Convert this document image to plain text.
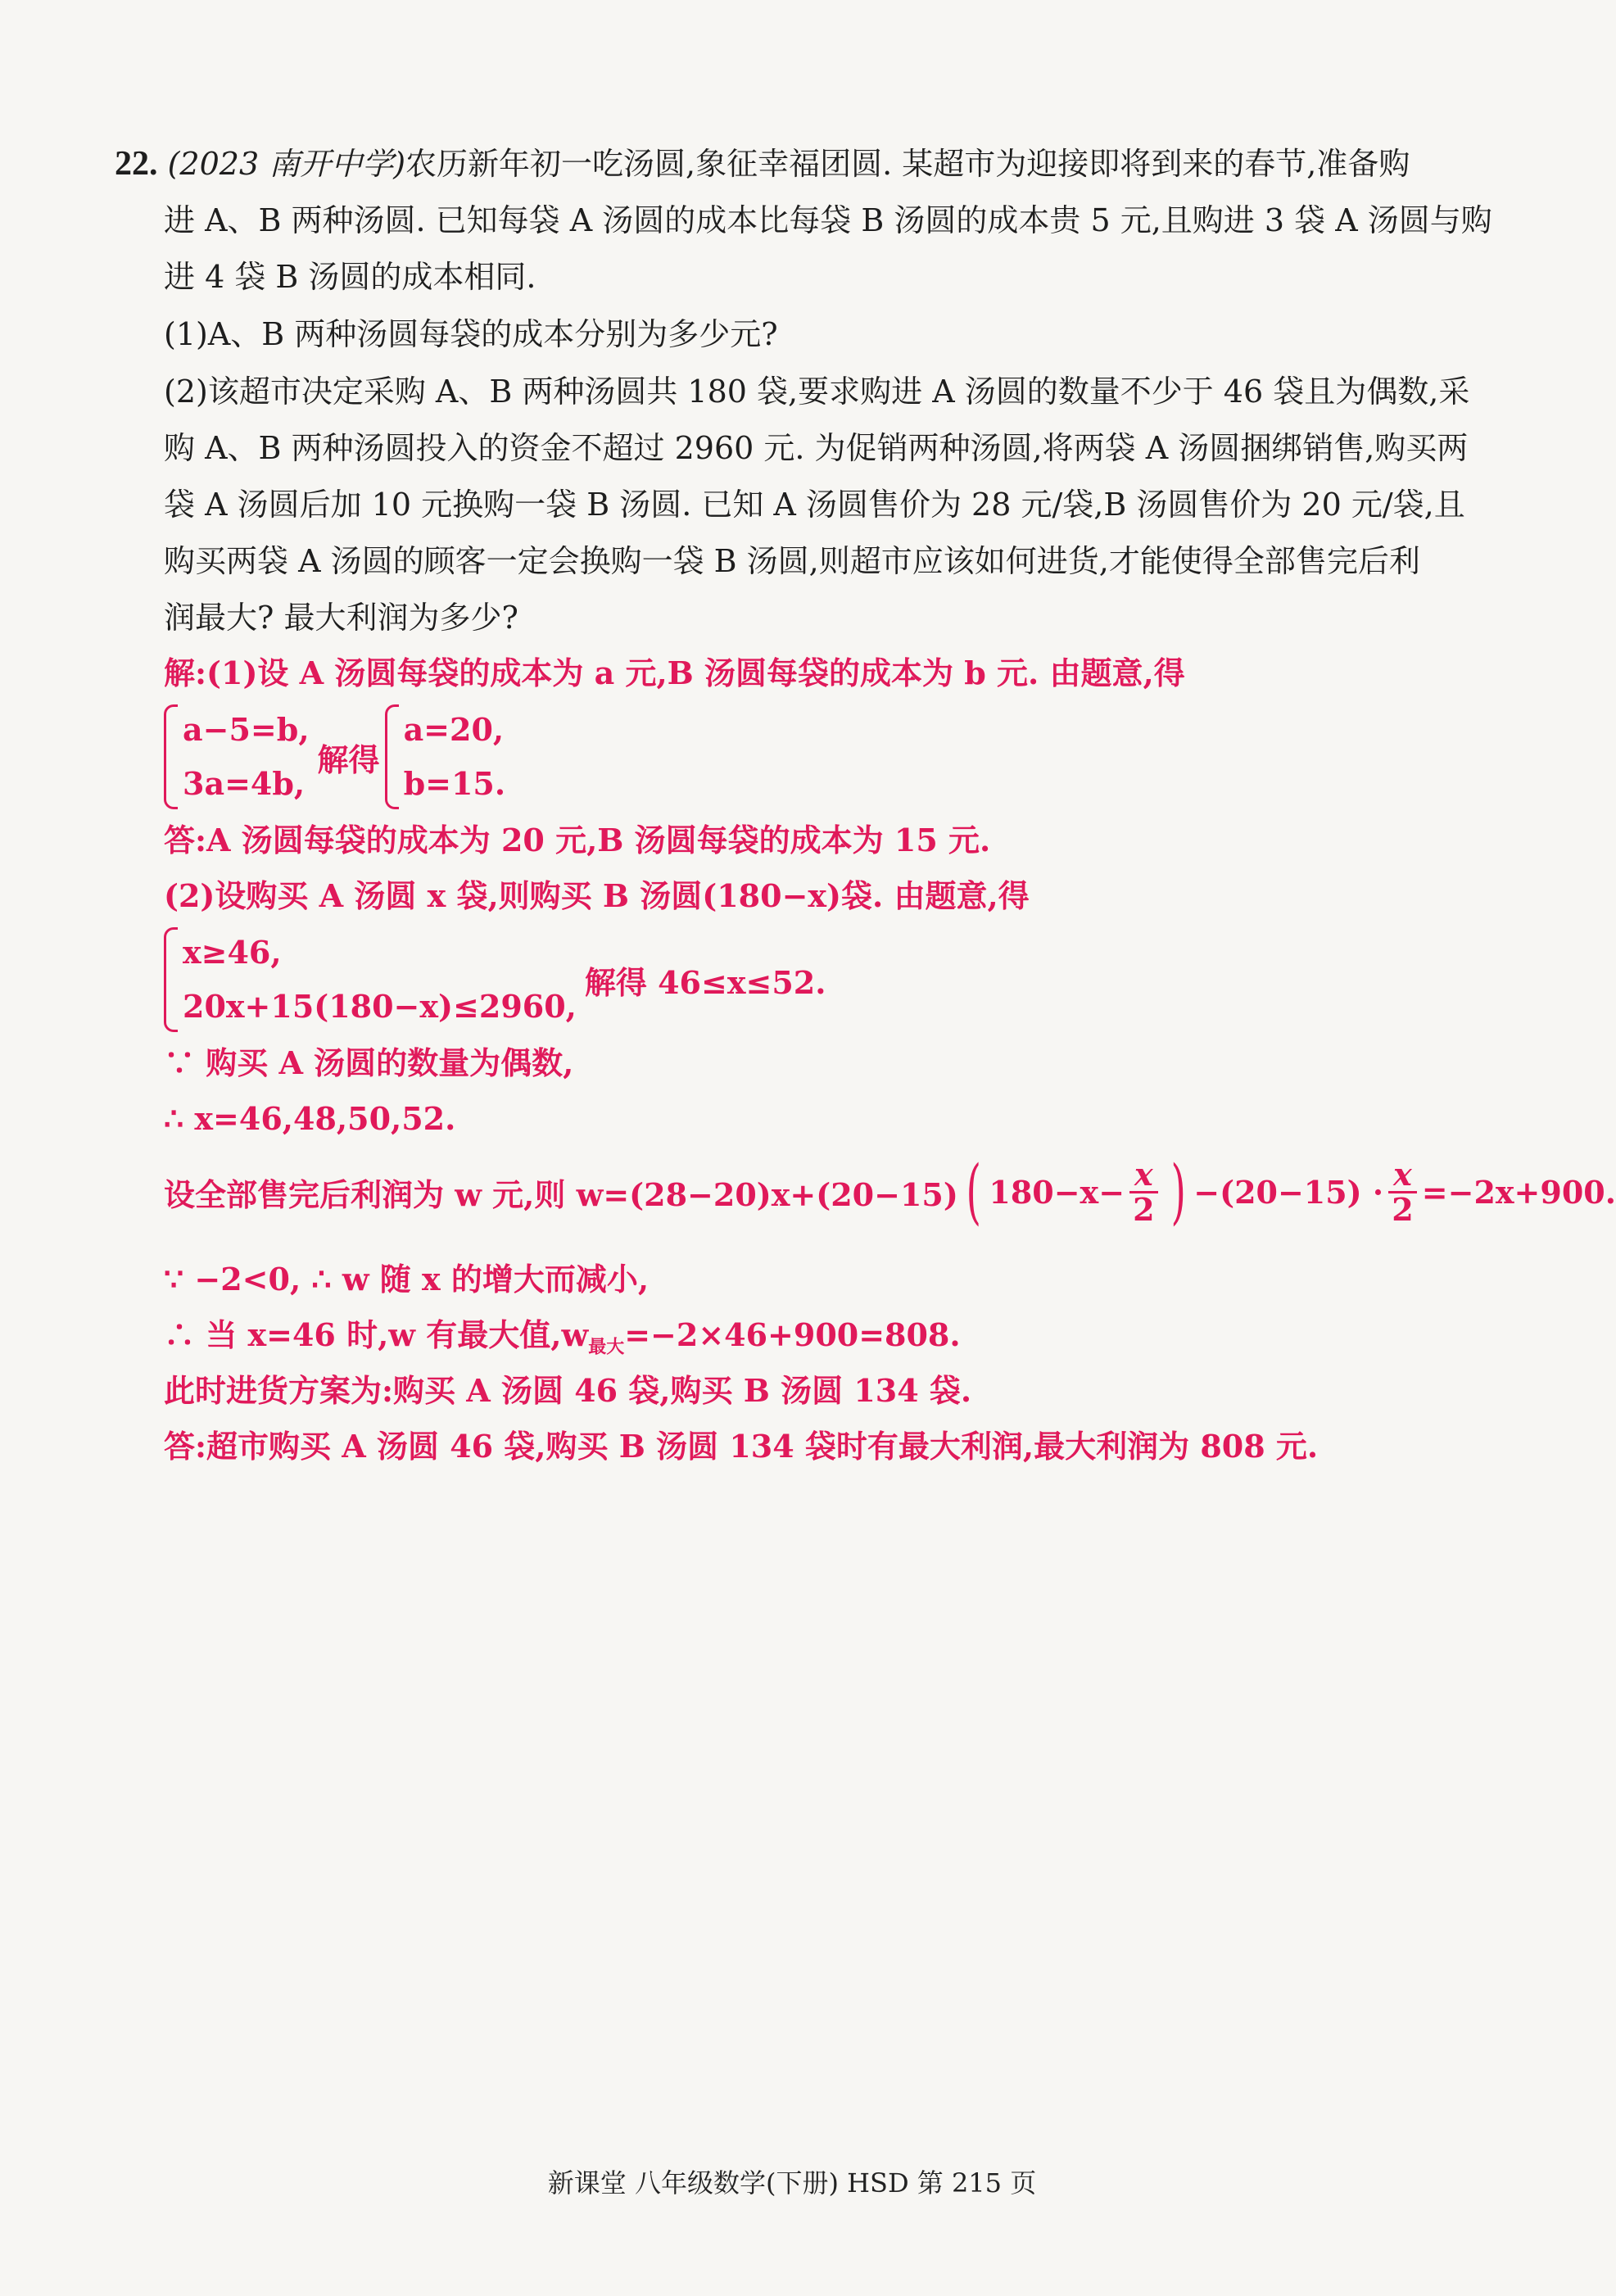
22. (2023 南开中学)农历新年初一吃汤圆,象征幸福团圆. 某超市为迎接即将到来的春节,准备购
进 A、B 两种汤圆. 已知每袋 A 汤圆的成本比每袋 B 汤圆的成本贵 5 元,且购进 3 袋 A 汤圆与购
进 4 袋 B 汤圆的成本相同.
(1)A、B 两种汤圆每袋的成本分别为多少元?
(2)该超市决定采购 A、B 两种汤圆共 180 袋,要求购进 A 汤圆的数量不少于 46 袋且为偶数,采
购 A、B 两种汤圆投入的资金不超过 2960 元. 为促销两种汤圆,将两袋 A 汤圆捆绑销售,购买两
袋 A 汤圆后加 10 元换购一袋 B 汤圆. 已知 A 汤圆售价为 28 元/袋,B 汤圆售价为 20 元/袋,且
购买两袋 A 汤圆的顾客一定会换购一袋 B 汤圆,则超市应该如何进货,才能使得全部售完后利
润最大? 最大利润为多少?
解:(1)设 A 汤圆每袋的成本为 a 元,B 汤圆每袋的成本为 b 元. 由题意,得
a−5=b,
3a=4b,
解得
a=20,
b=15.
答:A 汤圆每袋的成本为 20 元,B 汤圆每袋的成本为 15 元.
(2)设购买 A 汤圆 x 袋,则购买 B 汤圆(180−x)袋. 由题意,得
x≥46,
20x+15(180−x)≤2960,
解得 46≤x≤52.
∵ 购买 A 汤圆的数量为偶数,
∴ x=46,48,50,52.
设全部售完后利润为 w 元,则 w=(28−20)x+(20−15) ( $180-x- \frac{x}{2}$ ) $-(20-15) \cdot \frac{x}{2} =-2x+900$.
∵ −2<0, ∴ w 随 x 的增大而减小,
∴ 当 x=46 时,w 有最大值$,w_{最大}=-2\times 46+900=808$.
此时进货方案为:购买 A 汤圆 46 袋,购买 B 汤圆 134 袋.
答:超市购买 A 汤圆 46 袋,购买 B 汤圆 134 袋时有最大利润,最大利润为 808 元.
新课堂 八年级数学(下册) HSD 第 215 页
